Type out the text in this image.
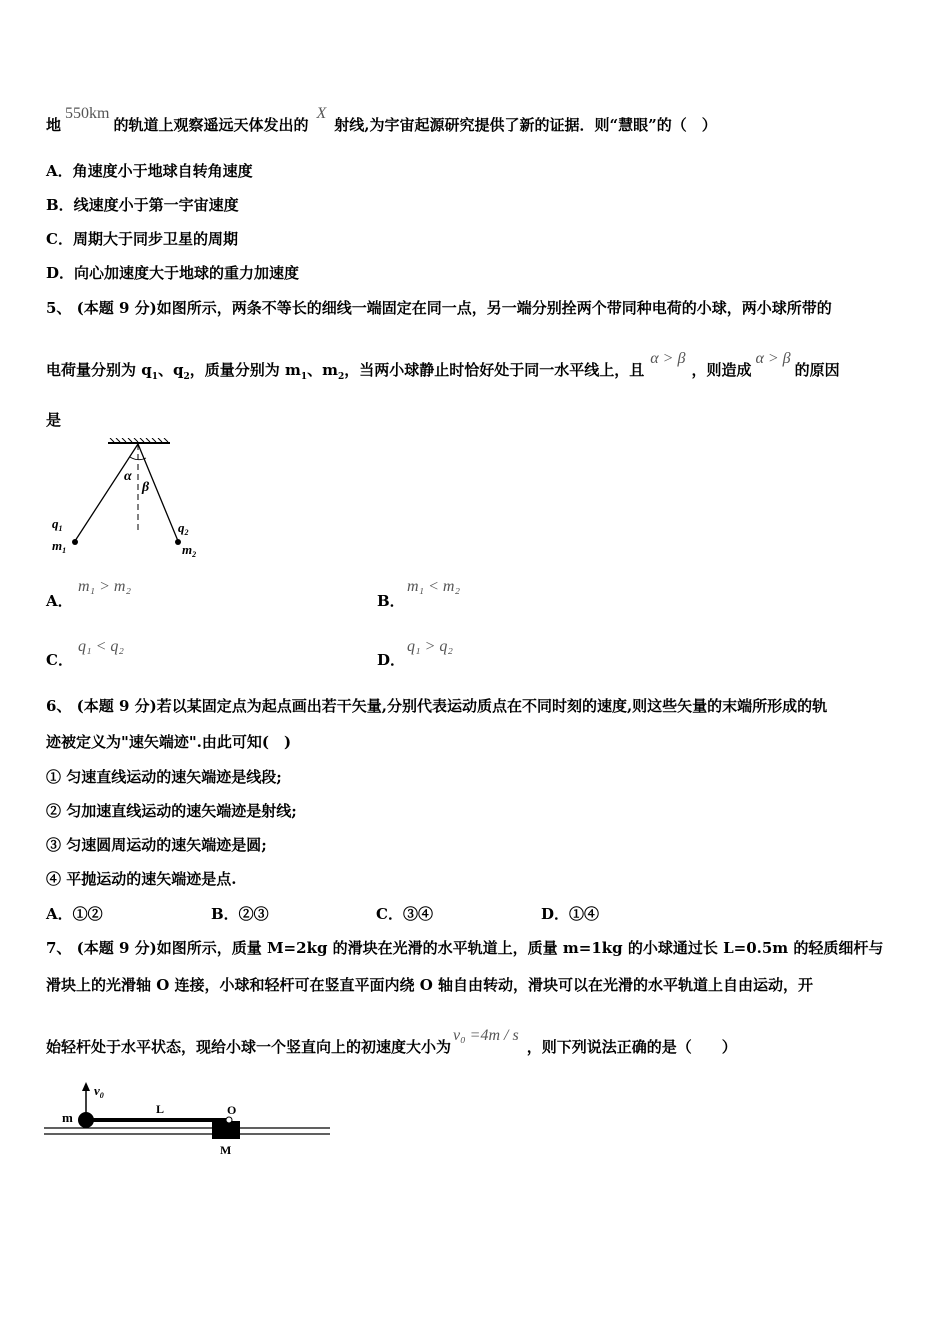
地550km的轨道上观察遥远天体发出的X射线,为宇宙起源研究提供了新的证据．则“慧眼”的（　）
A．角速度小于地球自转角速度
B．线速度小于第一宇宙速度
C．周期大于同步卫星的周期
D．向心加速度大于地球的重力加速度
5、 (本题 9 分)如图所示，两条不等长的细线一端固定在同一点，另一端分别拴两个带同种电荷的小球，两小球所带的
电荷量分别为 $q_1$、$q_2$，质量分别为 $m_1$、$m_2$，当两小球静止时恰好处于同一水平线上，且α > β，则造成α > β的原因
是
α
β
$q_1$
$m_1$
$q_2$
$m_2$
A．
m₁ > m₂
B．
m₁ < m₂
C．
q₁ < q₂
D．
q₁ > q₂
6、 (本题 9 分)若以某固定点为起点画出若干矢量,分别代表运动质点在不同时刻的速度,则这些矢量的末端所形成的轨
迹被定义为"速矢端迹".由此可知(　)
① 匀速直线运动的速矢端迹是线段;
② 匀加速直线运动的速矢端迹是射线;
③ 匀速圆周运动的速矢端迹是圆;
④ 平抛运动的速矢端迹是点.
A．①②	B．②③	C．③④	D．①④
7、 (本题 9 分)如图所示，质量 M=2kg 的滑块在光滑的水平轨道上，质量 m=1kg 的小球通过长 L=0.5m 的轻质细杆与
滑块上的光滑轴 O 连接，小球和轻杆可在竖直平面内绕 O 轴自由转动，滑块可以在光滑的水平轨道上自由运动，开
始轻杆处于水平状态，现给小球一个竖直向上的初速度大小为v₀ =4m / s，则下列说法正确的是（　　）
$v_0$
m
L	O
M
